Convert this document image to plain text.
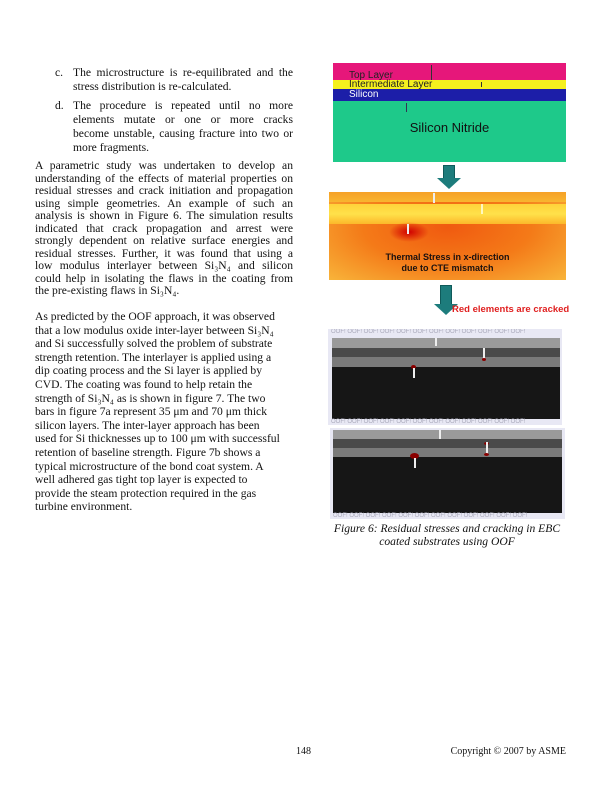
c. The microstructure is re-equilibrated and the
stress distribution is re-calculated.
d. The procedure is repeated until no more
elements mutate or one or more cracks
become unstable, causing fracture into two or
more fragments.
A parametric study was undertaken to develop an
understanding of the effects of material properties on
residual stresses and crack initiation and propagation
using simple geometries. An example of such an
analysis is shown in Figure 6. The simulation results
indicated that crack propagation and arrest were
strongly dependent on relative surface energies and
residual stresses. Further, it was found that using a
low modulus interlayer between Si₃N₄ and silicon
could help in isolating the flaws in the coating from
the pre-existing flaws in Si₃N₄.
As predicted by the OOF approach, it was observed
that a low modulus oxide inter-layer between Si₃N₄
and Si successfully solved the problem of substrate
strength retention. The interlayer is applied using a
dip coating process and the Si layer is applied by
CVD. The coating was found to help retain the
strength of Si₃N₄ as is shown in figure 7. The two
bars in figure 7a represent 35 μm and 70 μm thick
silicon layers. The inter-layer approach has been
used for Si thicknesses up to 100 μm with successful
retention of baseline strength. Figure 7b shows a
typical microstructure of the bond coat system. A
well adhered gas tight top layer is expected to
provide the steam protection required in the gas
turbine environment.
Top Layer
Intermediate Layer
Silicon
Silicon Nitride
Thermal Stress in x-direction
due to CTE mismatch
Red elements are cracked
OOF! OOF! OOF! OOF! OOF! OOF! OOF! OOF! OOF! OOF! OOF! OOF!
OOF! OOF! OOF! OOF! OOF! OOF! OOF! OOF! OOF! OOF! OOF! OOF!
OOF! OOF! OOF! OOF! OOF! OOF! OOF! OOF! OOF! OOF! OOF! OOF!
Figure 6: Residual stresses and cracking in EBC
coated substrates using OOF
148	Copyright © 2007 by ASME
